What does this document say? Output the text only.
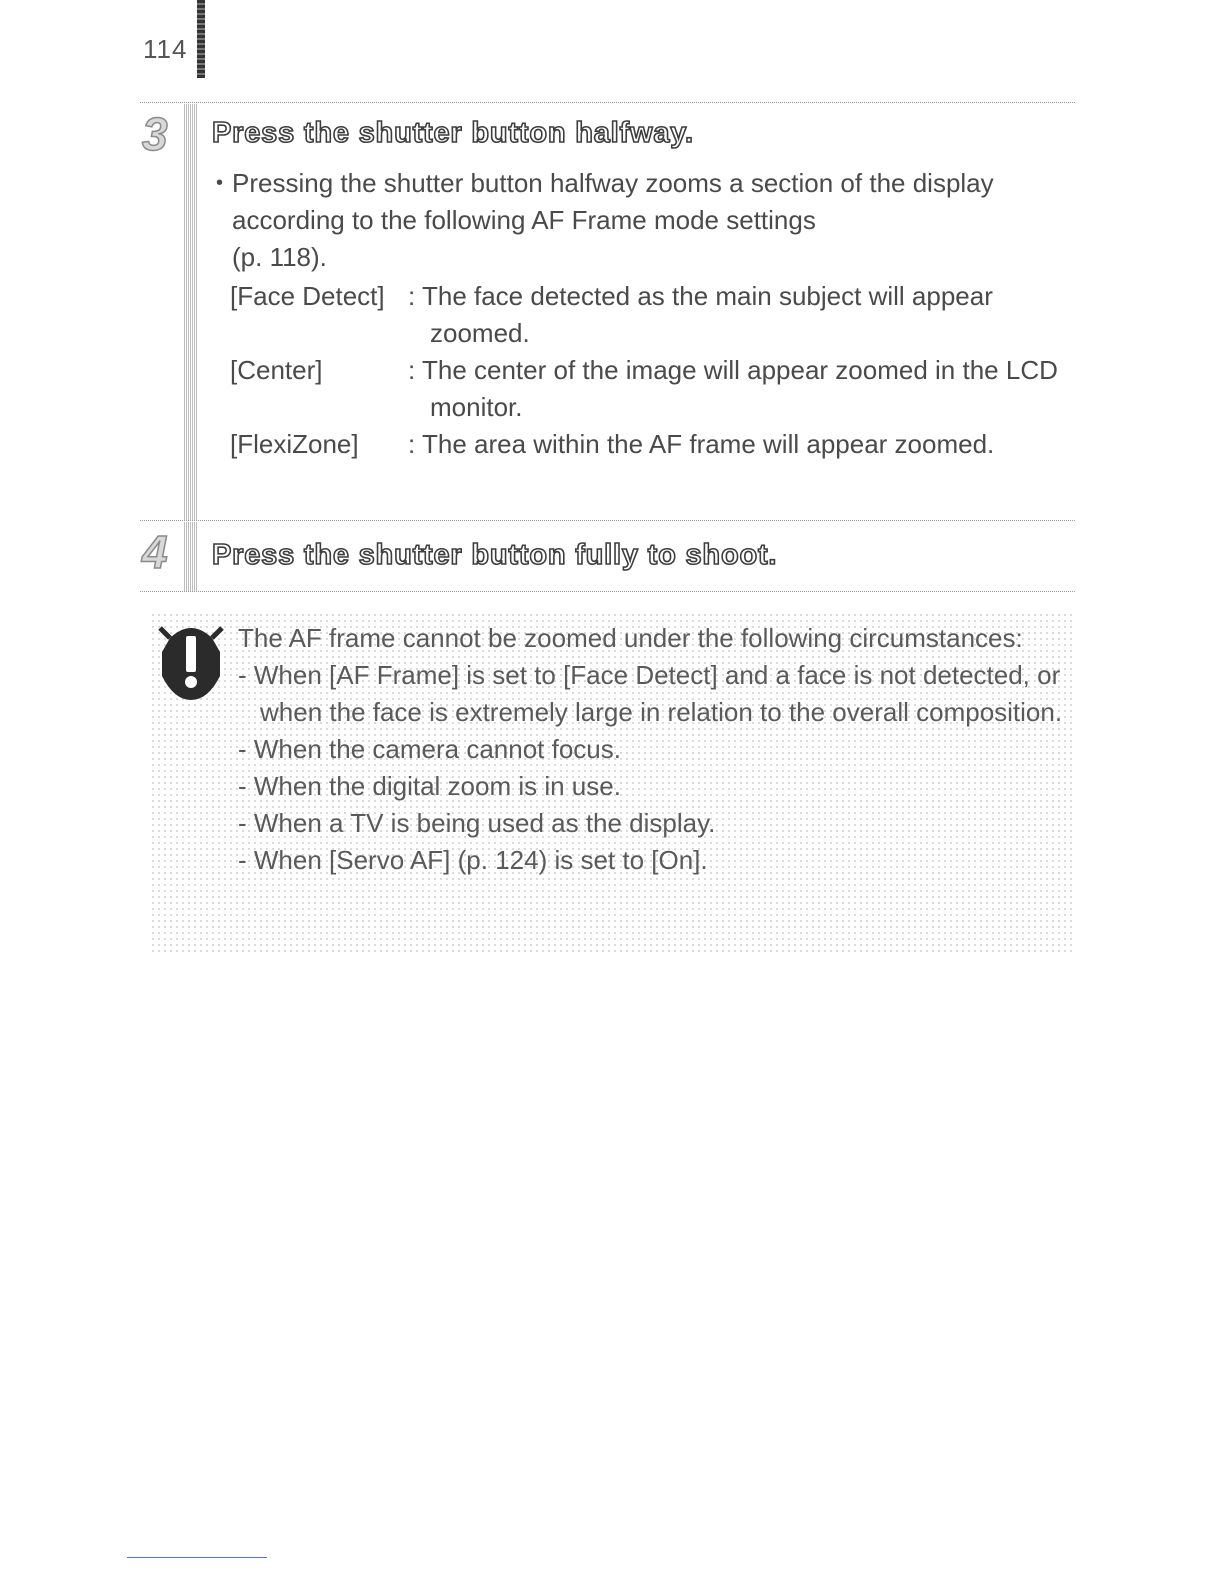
114
3	Press the shutter button halfway.
• Pressing the shutter button halfway zooms a section of the display according to the following AF Frame mode settings
(p. 118).
[Face Detect] : The face detected as the main subject will appear zoomed.
[Center]	: The center of the image will appear zoomed in the LCD monitor.
[FlexiZone]	: The area within the AF frame will appear zoomed.
4	Press the shutter button fully to shoot.
The AF frame cannot be zoomed under the following circumstances:
- When [AF Frame] is set to [Face Detect] and a face is not detected, or when the face is extremely large in relation to the overall composition.
- When the camera cannot focus.
- When the digital zoom is in use.
- When a TV is being used as the display.
- When [Servo AF] (p. 124) is set to [On].
